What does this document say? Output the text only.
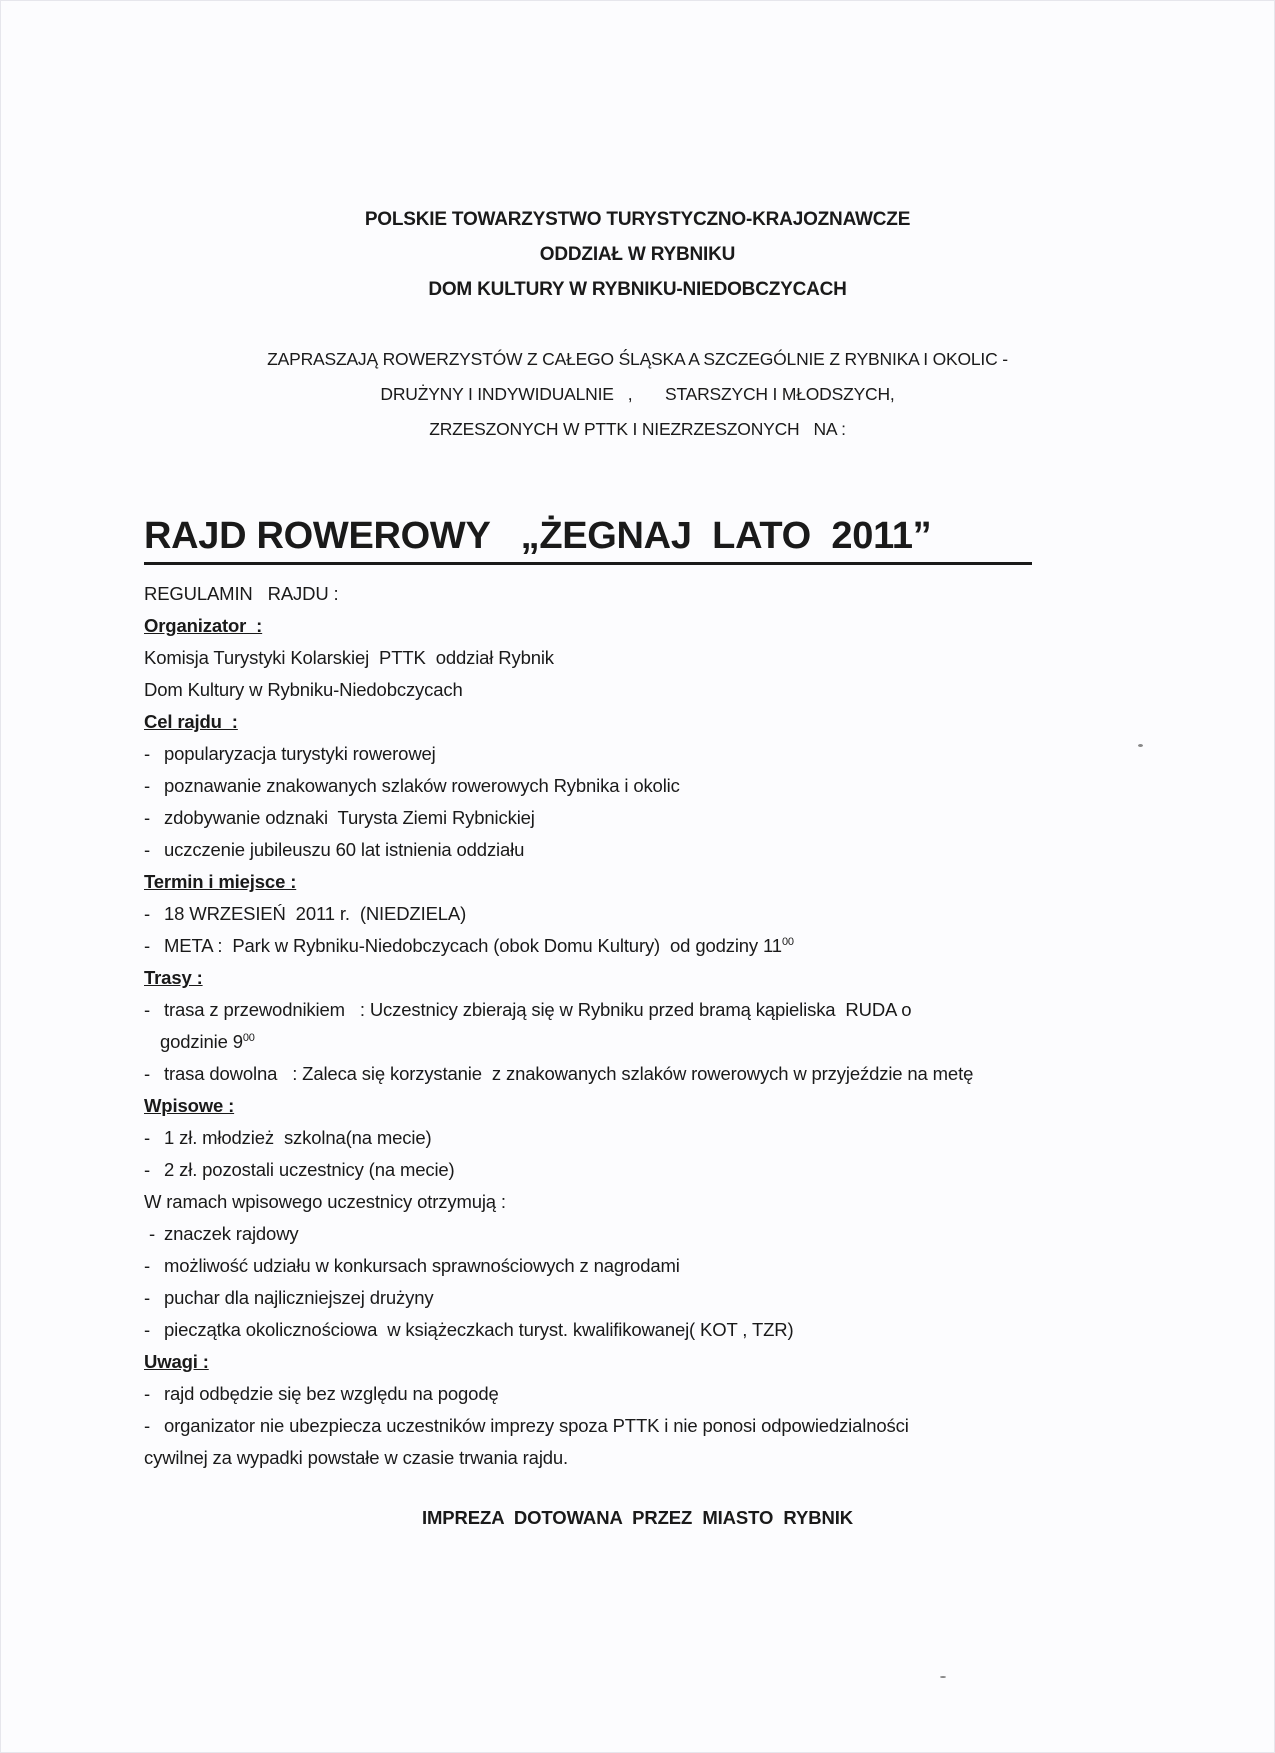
POLSKIE TOWARZYSTWO TURYSTYCZNO-KRAJOZNAWCZE
ODDZIAŁ W RYBNIKU
DOM KULTURY W RYBNIKU-NIEDOBCZYCACH
ZAPRASZAJĄ ROWERZYSTÓW Z CAŁEGO ŚLĄSKA A SZCZEGÓLNIE Z RYBNIKA I OKOLIC -
DRUŻYNY I INDYWIDUALNIE   ,       STARSZYCH I MŁODSZYCH,
ZRZESZONYCH W PTTK I NIEZRZESZONYCH   NA :
RAJD ROWEROWY   „ŻEGNAJ  LATO  2011”
REGULAMIN   RAJDU :
Organizator  :
Komisja Turystyki Kolarskiej  PTTK  oddział Rybnik
Dom Kultury w Rybniku-Niedobczycach
Cel rajdu  :
- popularyzacja turystyki rowerowej
- poznawanie znakowanych szlaków rowerowych Rybnika i okolic
- zdobywanie odznaki  Turysta Ziemi Rybnickiej
- uczczenie jubileuszu 60 lat istnienia oddziału
Termin i miejsce :
- 18 WRZESIEŃ  2011 r.  (NIEDZIELA)
- META :  Park w Rybniku-Niedobczycach (obok Domu Kultury)  od godziny $11^{00}$
Trasy :
- trasa z przewodnikiem   : Uczestnicy zbierają się w Rybniku przed bramą kąpieliska  RUDA o
godzinie $9^{00}$
- trasa dowolna   : Zaleca się korzystanie  z znakowanych szlaków rowerowych w przyjeździe na metę
Wpisowe :
- 1 zł. młodzież  szkolna(na mecie)
- 2 zł. pozostali uczestnicy (na mecie)
W ramach wpisowego uczestnicy otrzymują :
- znaczek rajdowy
- możliwość udziału w konkursach sprawnościowych z nagrodami
- puchar dla najliczniejszej drużyny
- pieczątka okolicznościowa  w książeczkach turyst. kwalifikowanej( KOT , TZR)
Uwagi :
- rajd odbędzie się bez względu na pogodę
- organizator nie ubezpiecza uczestników imprezy spoza PTTK i nie ponosi odpowiedzialności
cywilnej za wypadki powstałe w czasie trwania rajdu.
IMPREZA  DOTOWANA  PRZEZ  MIASTO  RYBNIK
